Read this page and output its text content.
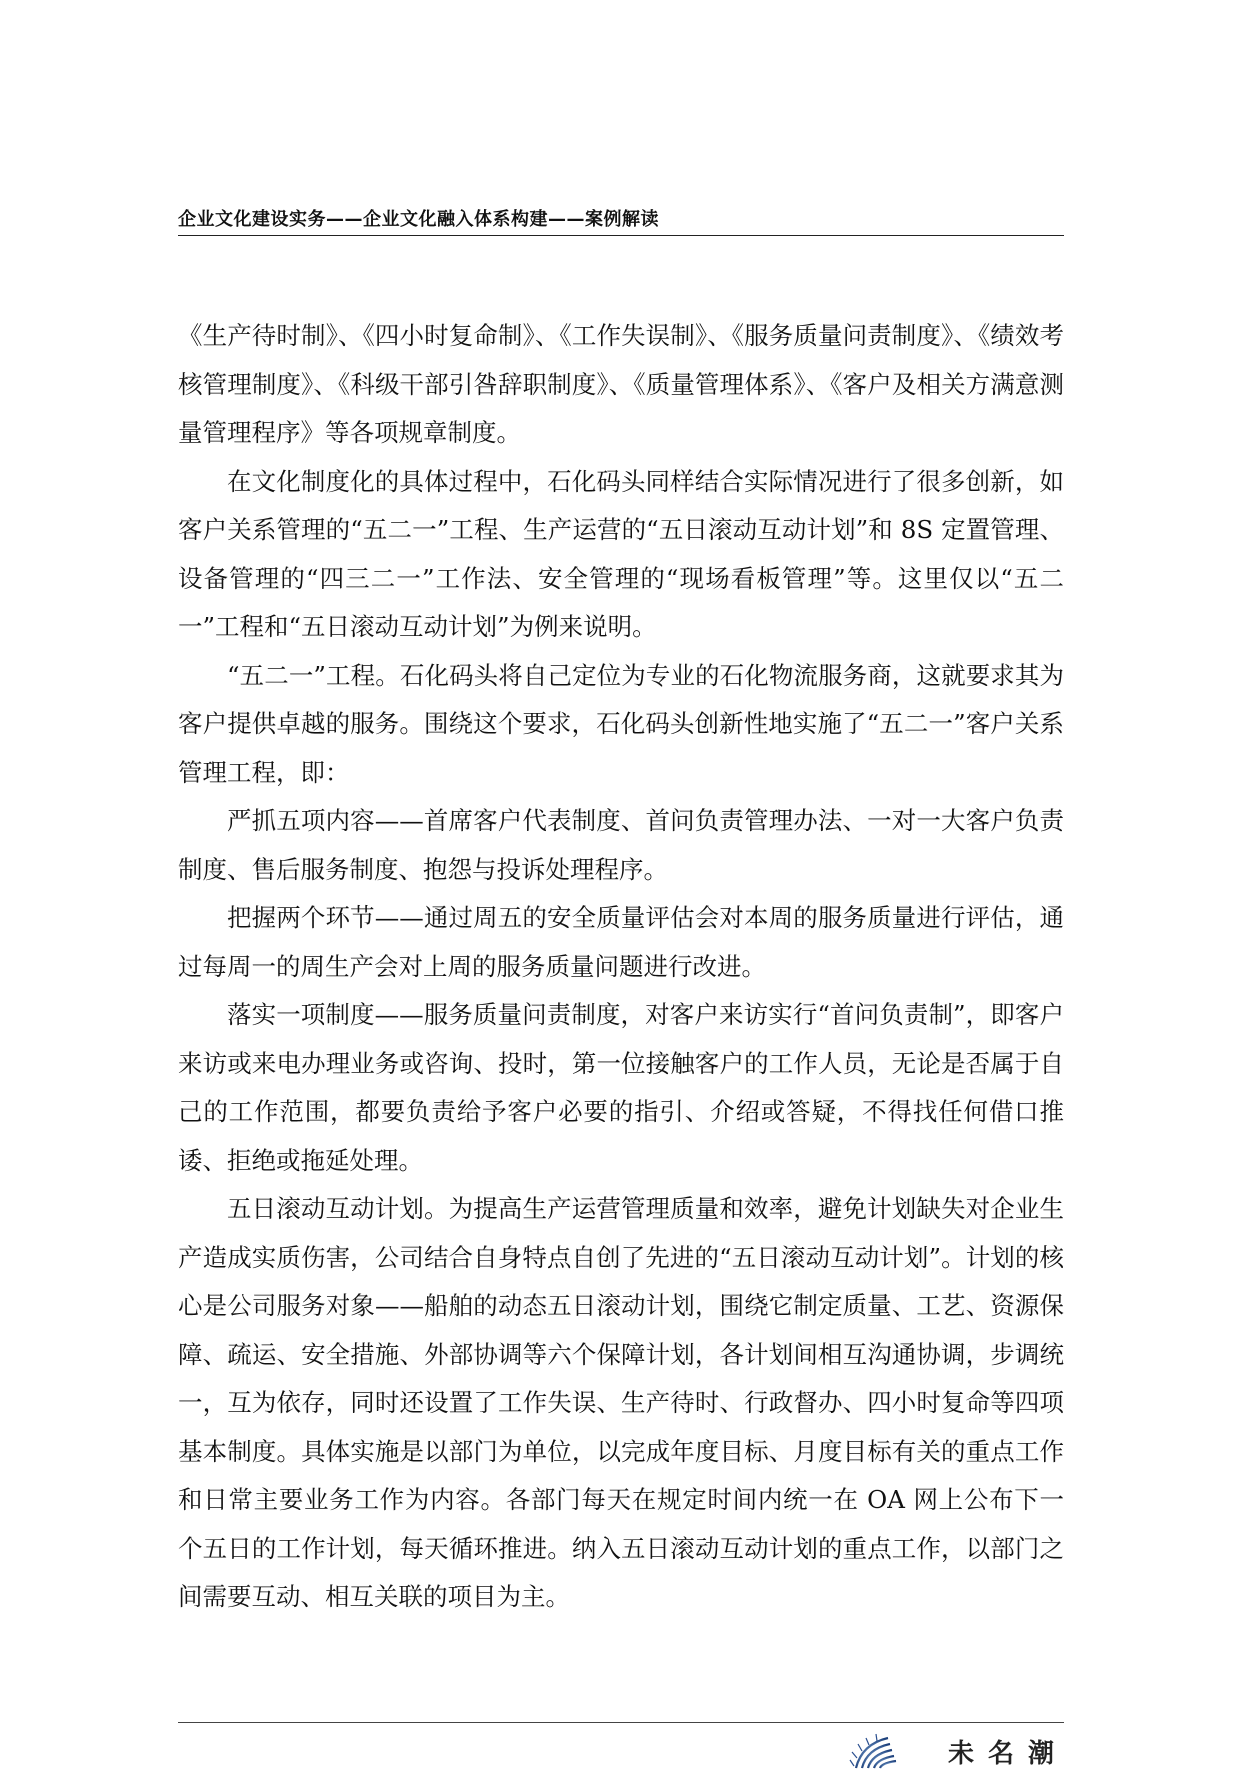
企业文化建设实务——企业文化融入体系构建——案例解读

《生产待时制》、《四小时复命制》、《工作失误制》、《服务质量问责制度》、《绩效考核管理制度》、《科级干部引咎辞职制度》、《质量管理体系》、《客户及相关方满意测量管理程序》等各项规章制度。

在文化制度化的具体过程中，石化码头同样结合实际情况进行了很多创新，如客户关系管理的“五二一”工程、生产运营的“五日滚动互动计划”和 8S 定置管理、设备管理的“四三二一”工作法、安全管理的“现场看板管理”等。这里仅以“五二一”工程和“五日滚动互动计划”为例来说明。

“五二一”工程。石化码头将自己定位为专业的石化物流服务商，这就要求其为客户提供卓越的服务。围绕这个要求，石化码头创新性地实施了“五二一”客户关系管理工程，即：

严抓五项内容——首席客户代表制度、首问负责管理办法、一对一大客户负责制度、售后服务制度、抱怨与投诉处理程序。

把握两个环节——通过周五的安全质量评估会对本周的服务质量进行评估，通过每周一的周生产会对上周的服务质量问题进行改进。

落实一项制度——服务质量问责制度，对客户来访实行“首问负责制”，即客户来访或来电办理业务或咨询、投时，第一位接触客户的工作人员，无论是否属于自己的工作范围，都要负责给予客户必要的指引、介绍或答疑，不得找任何借口推诿、拒绝或拖延处理。

五日滚动互动计划。为提高生产运营管理质量和效率，避免计划缺失对企业生产造成实质伤害，公司结合自身特点自创了先进的“五日滚动互动计划”。计划的核心是公司服务对象——船舶的动态五日滚动计划，围绕它制定质量、工艺、资源保障、疏运、安全措施、外部协调等六个保障计划，各计划间相互沟通协调，步调统一，互为依存，同时还设置了工作失误、生产待时、行政督办、四小时复命等四项基本制度。具体实施是以部门为单位，以完成年度目标、月度目标有关的重点工作和日常主要业务工作为内容。各部门每天在规定时间内统一在 OA 网上公布下一个五日的工作计划，每天循环推进。纳入五日滚动互动计划的重点工作，以部门之间需要互动、相互关联的项目为主。

未名潮
